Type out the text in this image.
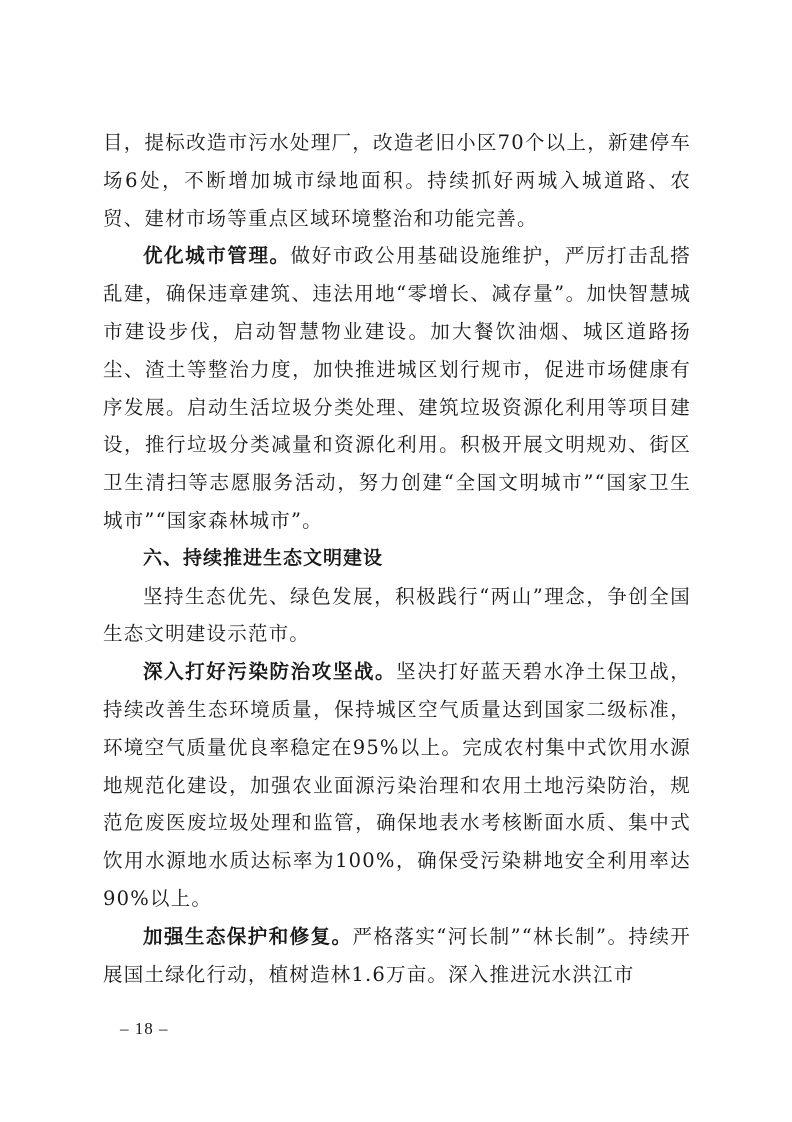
目，提标改造市污水处理厂，改造老旧小区70个以上，新建停车场6处，不断增加城市绿地面积。持续抓好两城入城道路、农贸、建材市场等重点区域环境整治和功能完善。

优化城市管理。做好市政公用基础设施维护，严厉打击乱搭乱建，确保违章建筑、违法用地“零增长、减存量”。加快智慧城市建设步伐，启动智慧物业建设。加大餐饮油烟、城区道路扬尘、渣土等整治力度，加快推进城区划行规市，促进市场健康有序发展。启动生活垃圾分类处理、建筑垃圾资源化利用等项目建设，推行垃圾分类减量和资源化利用。积极开展文明规劝、街区卫生清扫等志愿服务活动，努力创建“全国文明城市”“国家卫生城市”“国家森林城市”。

六、持续推进生态文明建设

坚持生态优先、绿色发展，积极践行“两山”理念，争创全国生态文明建设示范市。

深入打好污染防治攻坚战。坚决打好蓝天碧水净土保卫战，持续改善生态环境质量，保持城区空气质量达到国家二级标准，环境空气质量优良率稳定在95%以上。完成农村集中式饮用水源地规范化建设，加强农业面源污染治理和农用土地污染防治，规范危废医废垃圾处理和监管，确保地表水考核断面水质、集中式饮用水源地水质达标率为100%，确保受污染耕地安全利用率达90%以上。

加强生态保护和修复。严格落实“河长制”“林长制”。持续开展国土绿化行动，植树造林1.6万亩。深入推进沅水洪江市

– 18 –
